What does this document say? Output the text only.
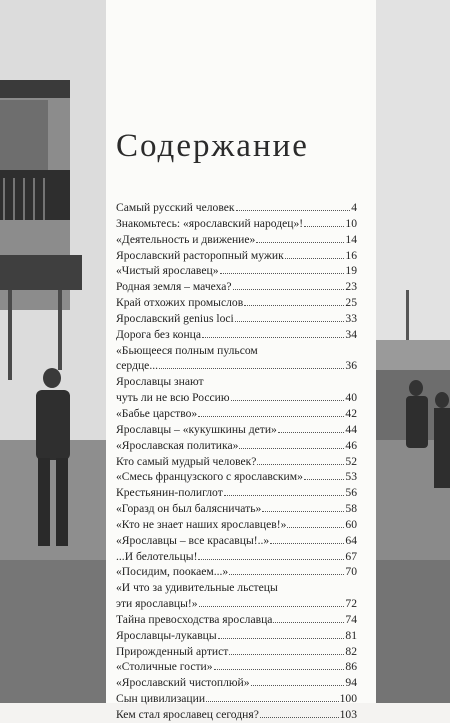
Содержание
Самый русский человек	4
Знакомьтесь: «ярославский народец»!	10
«Деятельность и движение»	14
Ярославский расторопный мужик	16
«Чистый ярославец»	19
Родная земля – мачеха?	23
Край отхожих промыслов	25
Ярославский genius loci	33
Дорога без конца	34
«Бьющееся полным пульсом
сердце...	36
Ярославцы знают
чуть ли не всю Россию	40
«Бабье царство»	42
Ярославцы – «кукушкины дети»	44
«Ярославская политика»	46
Кто самый мудрый человек?	52
«Смесь французского с ярославским»	53
Крестьянин-полиглот	56
«Горазд он был балясничать»	58
«Кто не знает наших ярославцев!»	60
«Ярославцы – все красавцы!..»	64
...И белотельцы!	67
«Посидим, поокаем...»	70
«И что за удивительные льстецы
эти ярославцы!»	72
Тайна превосходства ярославца	74
Ярославцы-лукавцы	81
Прирожденный артист	82
«Столичные гости»	86
«Ярославский чистоплюй»	94
Сын цивилизации	100
Кем стал ярославец сегодня?	103
